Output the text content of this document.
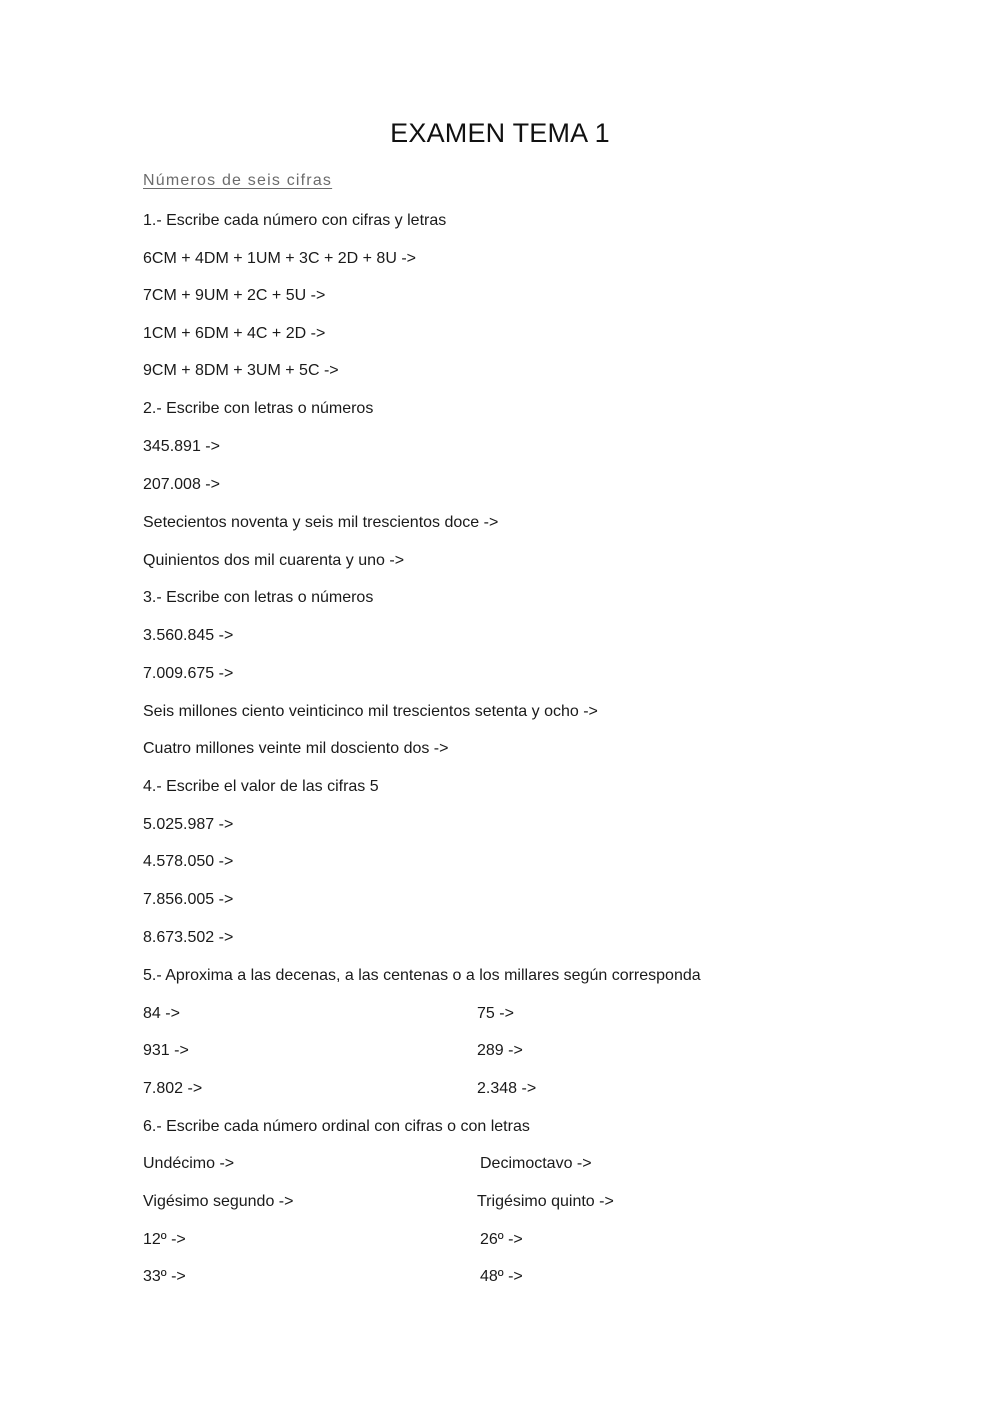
EXAMEN TEMA 1
Números de seis cifras
1.- Escribe cada número con cifras y letras
6CM + 4DM + 1UM + 3C + 2D + 8U ->
7CM + 9UM + 2C + 5U ->
1CM + 6DM + 4C + 2D ->
9CM + 8DM + 3UM + 5C ->
2.- Escribe con letras o números
345.891 ->
207.008 ->
Setecientos noventa y seis mil trescientos doce ->
Quinientos dos mil cuarenta y uno ->
3.- Escribe con letras o números
3.560.845 ->
7.009.675 ->
Seis millones ciento veinticinco mil trescientos setenta y ocho ->
Cuatro millones veinte mil dosciento dos ->
4.- Escribe el valor de las cifras 5
5.025.987 ->
4.578.050 ->
7.856.005 ->
8.673.502 ->
5.- Aproxima a las decenas, a las centenas o a los millares según corresponda
84 ->	75 ->
931 ->	289 ->
7.802 ->	2.348 ->
6.- Escribe cada número ordinal con cifras o con letras
Undécimo ->	Decimoctavo ->
Vigésimo segundo ->	Trigésimo quinto ->
12º ->	26º ->
33º ->	48º ->
